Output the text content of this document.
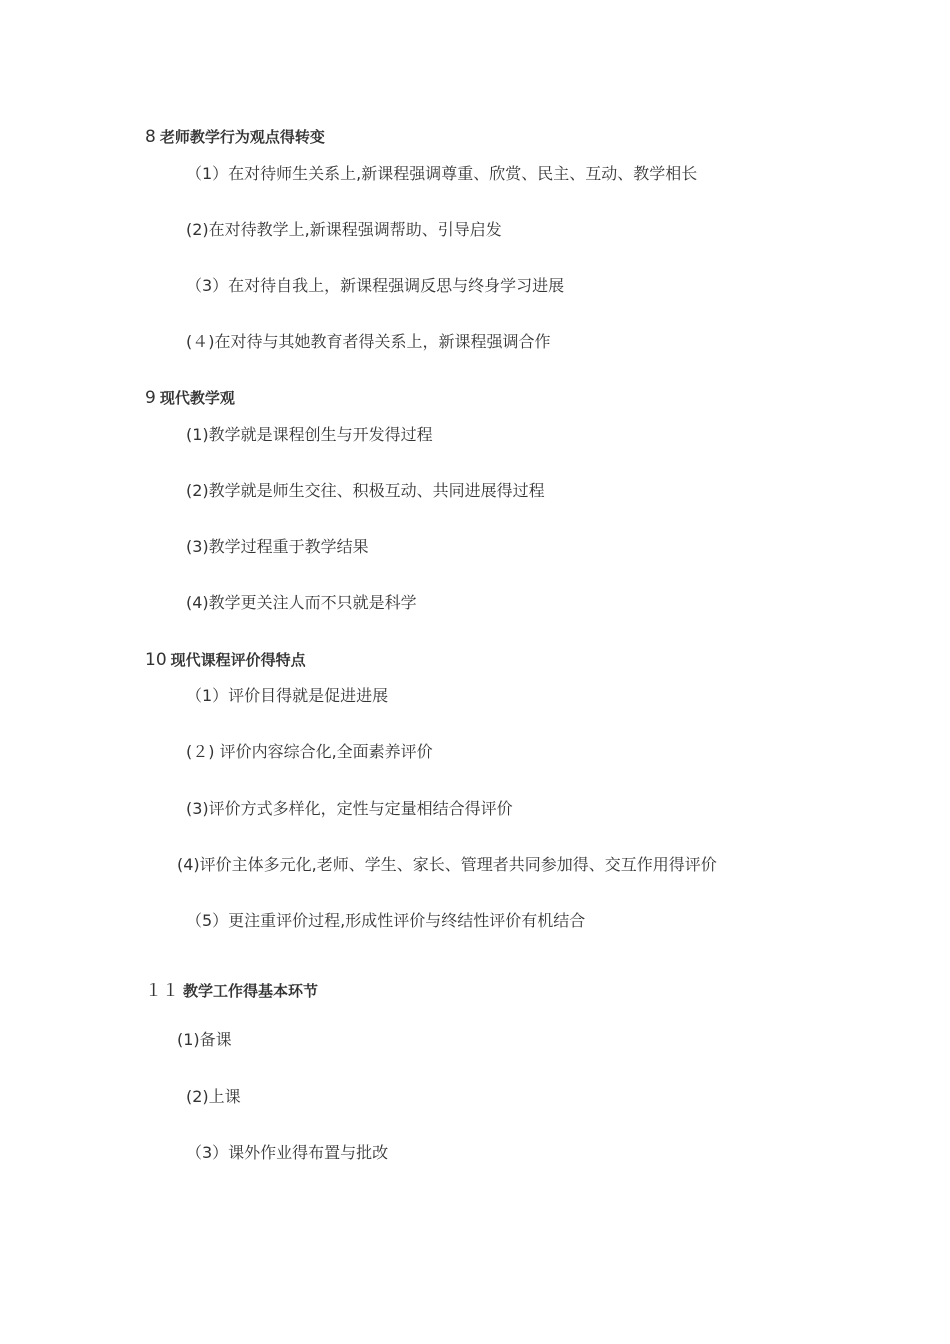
8 老师教学行为观点得转变
（1）在对待师生关系上,新课程强调尊重、欣赏、民主、互动、教学相长
(2)在对待教学上,新课程强调帮助、引导启发
（3）在对待自我上，新课程强调反思与终身学习进展
(４)在对待与其她教育者得关系上，新课程强调合作
9 现代教学观
(1)教学就是课程创生与开发得过程
(2)教学就是师生交往、积极互动、共同进展得过程
(3)教学过程重于教学结果
(4)教学更关注人而不只就是科学
10 现代课程评价得特点
（1）评价目得就是促进进展
(２) 评价内容综合化,全面素养评价
(3)评价方式多样化，定性与定量相结合得评价
(4)评价主体多元化,老师、学生、家长、管理者共同参加得、交互作用得评价
（5）更注重评价过程,形成性评价与终结性评价有机结合
１１ 教学工作得基本环节
(1)备课
(2)上课
（3）课外作业得布置与批改
